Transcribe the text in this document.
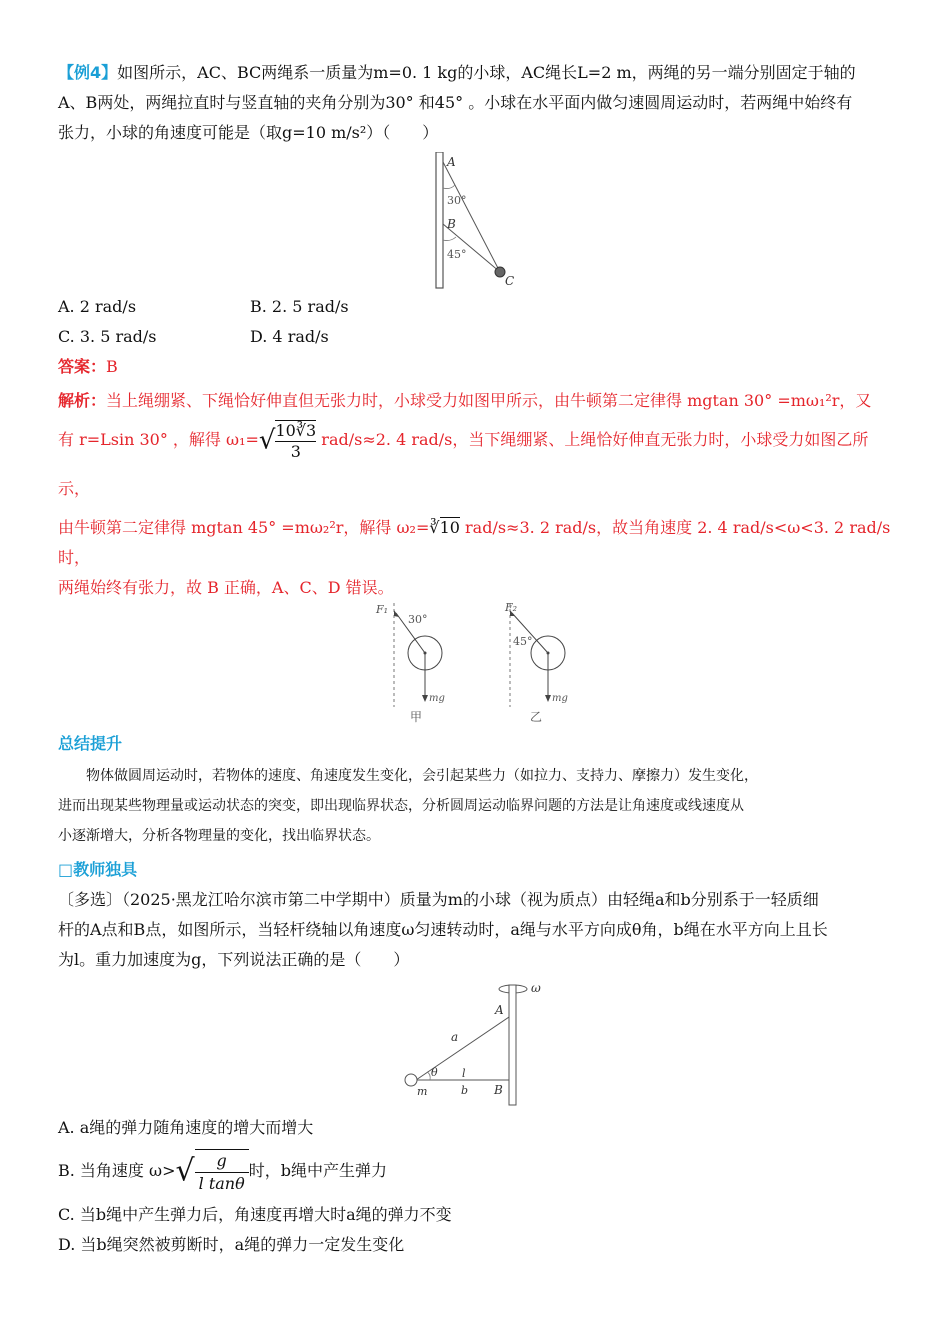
【例4】如图所示，AC、BC两绳系一质量为m=0. 1 kg的小球，AC绳长L=2 m，两绳的另一端分别固定于轴的

A、B两处，两绳拉直时与竖直轴的夹角分别为30° 和45° 。小球在水平面内做匀速圆周运动时，若两绳中始终有

张力，小球的角速度可能是（取g=10 m/s²）（　　）

A
30°
B
45°
C
A. 2 rad/s	B. 2. 5 rad/s
C. 3. 5 rad/s	D. 4 rad/s

答案：B

解析：当上绳绷紧、下绳恰好伸直但无张力时，小球受力如图甲所示，由牛顿第二定律得 mgtan 30° =mω₁²r，又

有 r=Lsin 30° ，解得 $\omega_1=√ \frac{10∛3}{3} rad/s\approx 2$. 4 rad/s，当下绳绷紧、上绳恰好伸直无张力时，小球受力如图乙所示，

由牛顿第二定律得 mgtan 45° =mω₂²r，解得 ω₂=∛10 rad/s≈3. 2 rad/s，故当角速度 2. 4 rad/s<ω<3. 2 rad/s 时，

两绳始终有张力，故 B 正确，A、C、D 错误。

F₁
30°
mg
甲
F₂
45°
mg
乙

总结提升

物体做圆周运动时，若物体的速度、角速度发生变化，会引起某些力（如拉力、支持力、摩擦力）发生变化，

进而出现某些物理量或运动状态的突变，即出现临界状态，分析圆周运动临界问题的方法是让角速度或线速度从

小逐渐增大，分析各物理量的变化，找出临界状态。

□教师独具

〔多选〕（2025·黑龙江哈尔滨市第二中学期中）质量为m的小球（视为质点）由轻绳a和b分别系于一轻质细

杆的A点和B点，如图所示，当轻杆绕轴以角速度ω匀速转动时，a绳与水平方向成θ角，b绳在水平方向上且长

为l。重力加速度为g，下列说法正确的是（　　）

ω
A
a
θ l
b B
m

A. a绳的弹力随角速度的增大而增大

B. 当角速度 $\omega>√ \frac{g}{\text{l tanθ}}$ 时，b绳中产生弹力

C. 当b绳中产生弹力后，角速度再增大时a绳的弹力不变

D. 当b绳突然被剪断时，a绳的弹力一定发生变化
